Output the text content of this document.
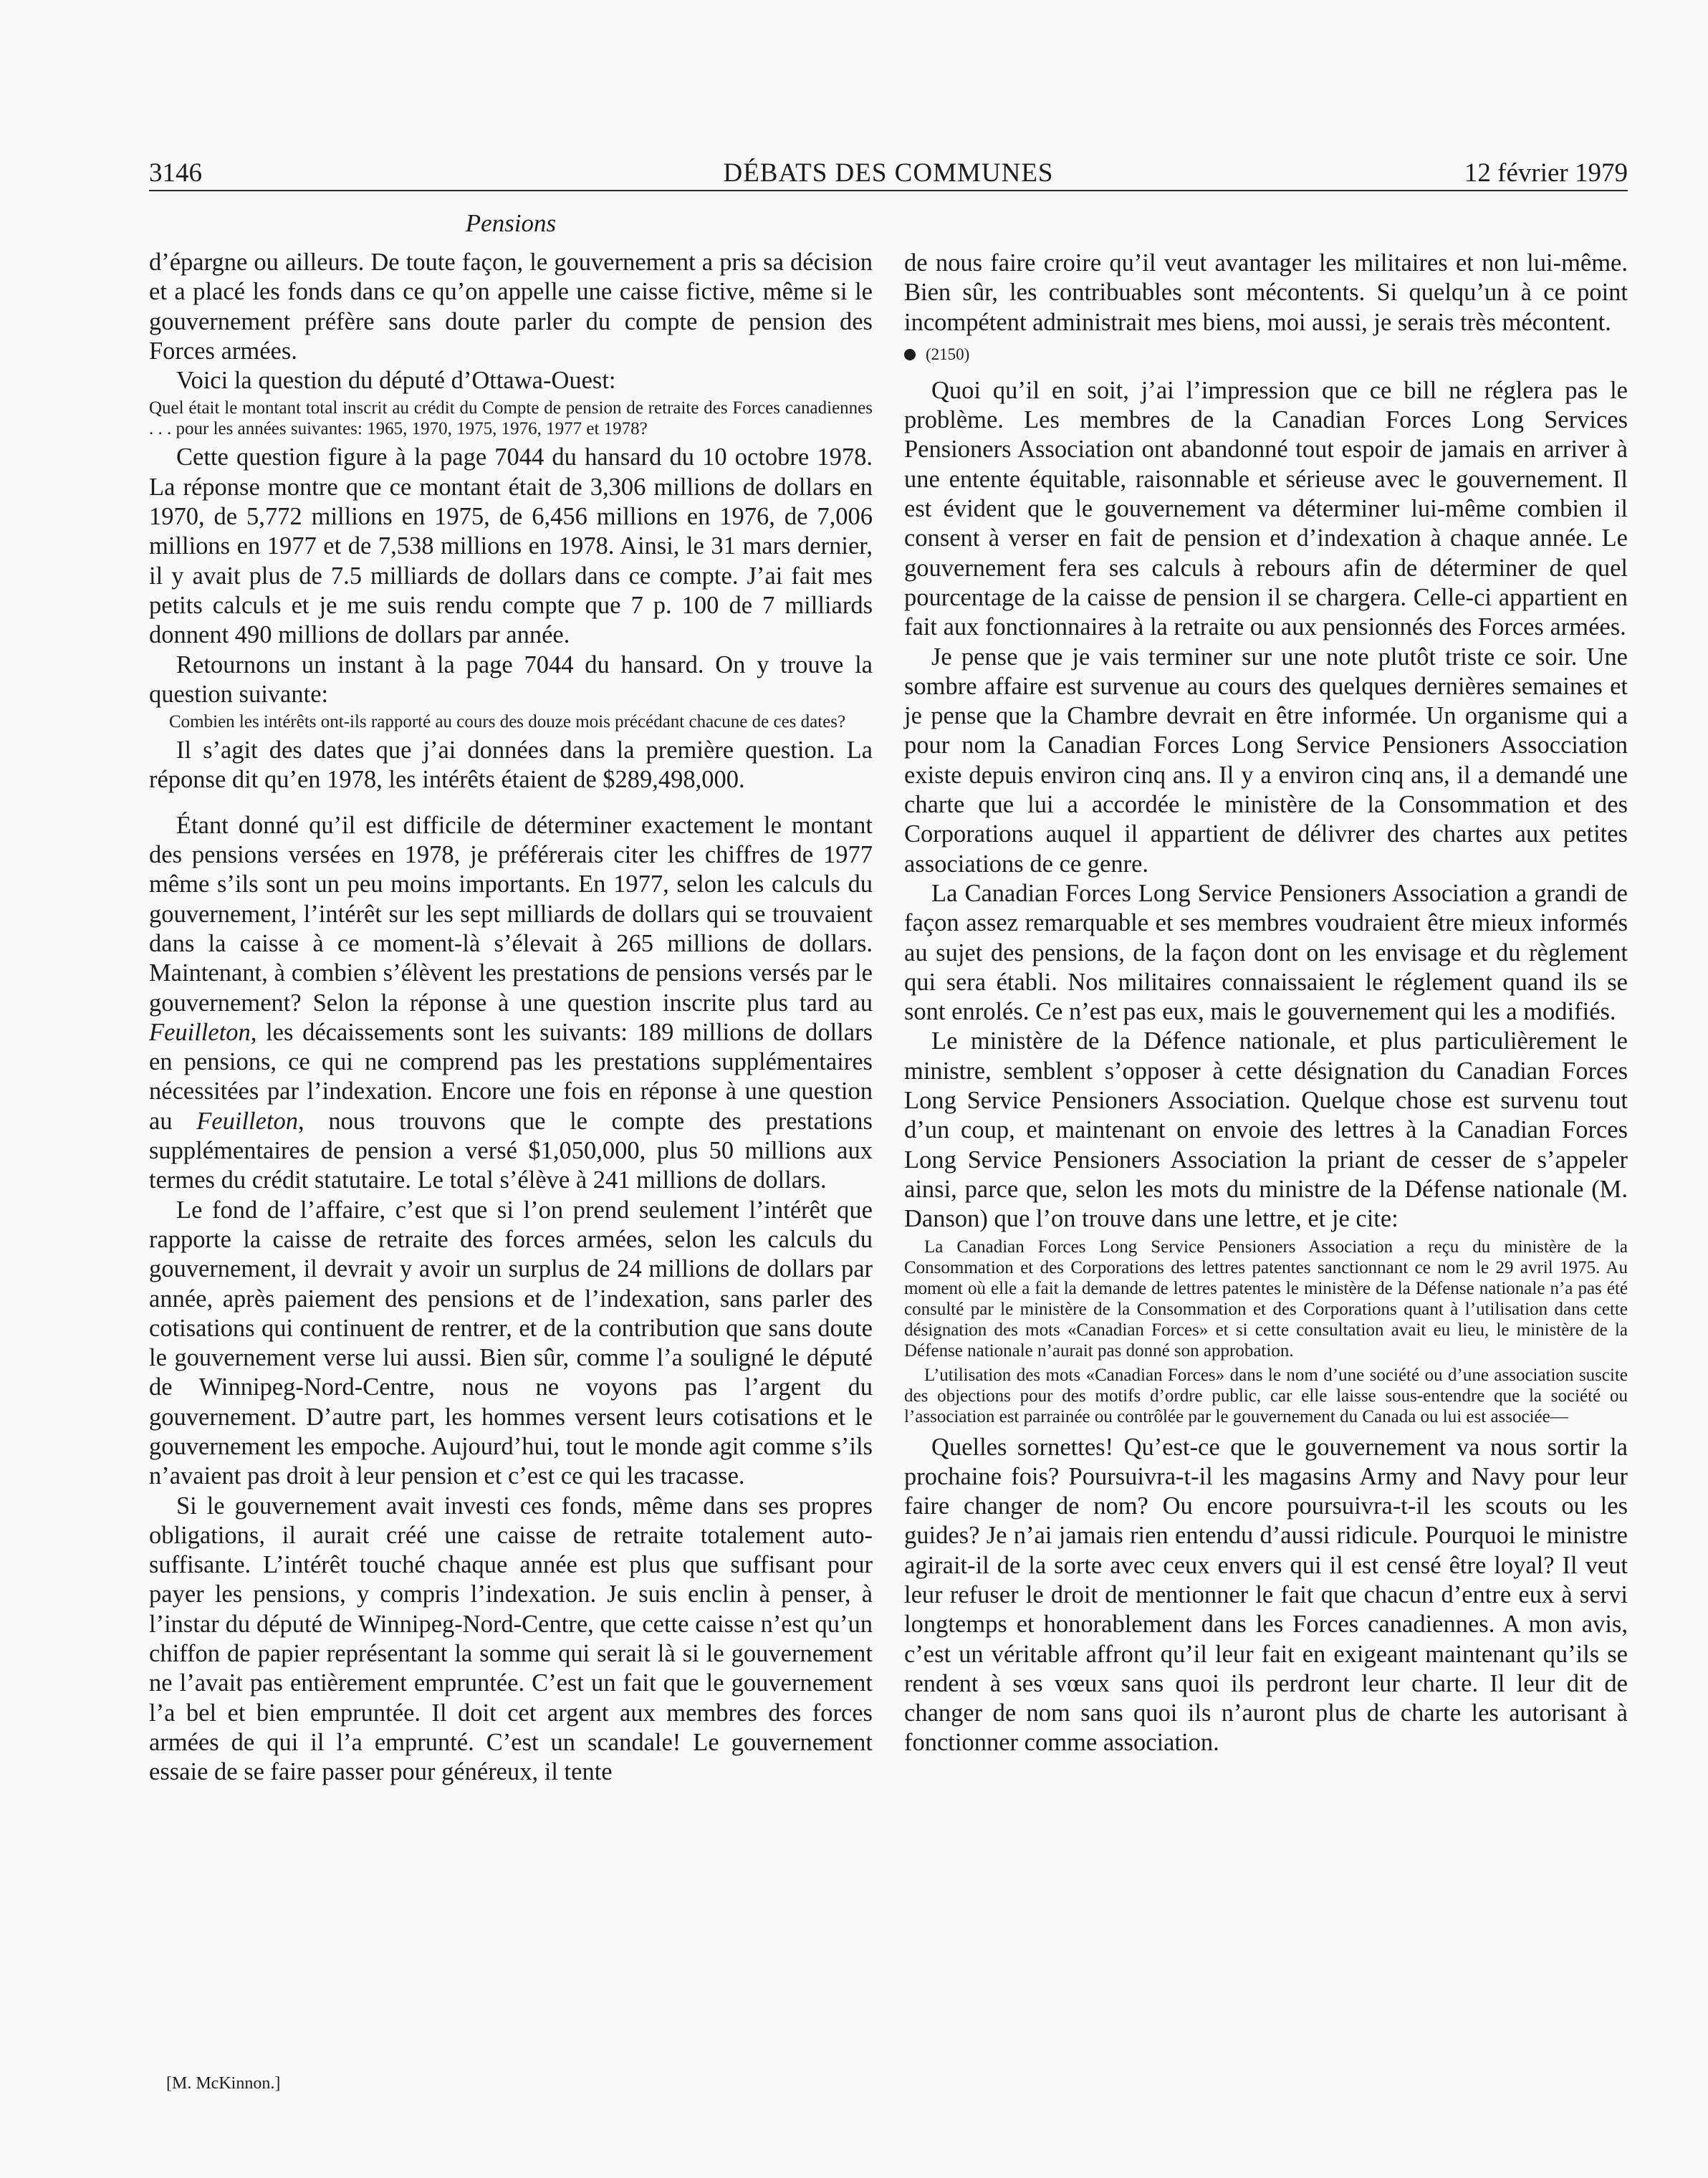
3146	DÉBATS DES COMMUNES	12 février 1979
Pensions

d’épargne ou ailleurs. De toute façon, le gouvernement a pris sa décision et a placé les fonds dans ce qu’on appelle une caisse fictive, même si le gouvernement préfère sans doute parler du compte de pension des Forces armées.

Voici la question du député d’Ottawa-Ouest:

Quel était le montant total inscrit au crédit du Compte de pension de retraite des Forces canadiennes . . . pour les années suivantes: 1965, 1970, 1975, 1976, 1977 et 1978?

Cette question figure à la page 7044 du hansard du 10 octobre 1978. La réponse montre que ce montant était de 3,306 millions de dollars en 1970, de 5,772 millions en 1975, de 6,456 millions en 1976, de 7,006 millions en 1977 et de 7,538 millions en 1978. Ainsi, le 31 mars dernier, il y avait plus de 7.5 milliards de dollars dans ce compte. J’ai fait mes petits calculs et je me suis rendu compte que 7 p. 100 de 7 milliards donnent 490 millions de dollars par année.

Retournons un instant à la page 7044 du hansard. On y trouve la question suivante:

Combien les intérêts ont-ils rapporté au cours des douze mois précédant chacune de ces dates?

Il s’agit des dates que j’ai données dans la première question. La réponse dit qu’en 1978, les intérêts étaient de $289,498,000.

Étant donné qu’il est difficile de déterminer exactement le montant des pensions versées en 1978, je préférerais citer les chiffres de 1977 même s’ils sont un peu moins importants. En 1977, selon les calculs du gouvernement, l’intérêt sur les sept milliards de dollars qui se trouvaient dans la caisse à ce moment-là s’élevait à 265 millions de dollars. Maintenant, à combien s’élèvent les prestations de pensions versés par le gouvernement? Selon la réponse à une question inscrite plus tard au Feuilleton, les décaissements sont les suivants: 189 millions de dollars en pensions, ce qui ne comprend pas les prestations supplémentaires nécessitées par l’indexation. Encore une fois en réponse à une question au Feuilleton, nous trouvons que le compte des prestations supplémentaires de pension a versé $1,050,000, plus 50 millions aux termes du crédit statutaire. Le total s’élève à 241 millions de dollars.

Le fond de l’affaire, c’est que si l’on prend seulement l’intérêt que rapporte la caisse de retraite des forces armées, selon les calculs du gouvernement, il devrait y avoir un surplus de 24 millions de dollars par année, après paiement des pensions et de l’indexation, sans parler des cotisations qui continuent de rentrer, et de la contribution que sans doute le gouvernement verse lui aussi. Bien sûr, comme l’a souligné le député de Winnipeg-Nord-Centre, nous ne voyons pas l’argent du gouvernement. D’autre part, les hommes versent leurs cotisations et le gouvernement les empoche. Aujourd’hui, tout le monde agit comme s’ils n’avaient pas droit à leur pension et c’est ce qui les tracasse.

Si le gouvernement avait investi ces fonds, même dans ses propres obligations, il aurait créé une caisse de retraite totalement auto-suffisante. L’intérêt touché chaque année est plus que suffisant pour payer les pensions, y compris l’indexation. Je suis enclin à penser, à l’instar du député de Winnipeg-Nord-Centre, que cette caisse n’est qu’un chiffon de papier représentant la somme qui serait là si le gouvernement ne l’avait pas entièrement empruntée. C’est un fait que le gouvernement l’a bel et bien empruntée. Il doit cet argent aux membres des forces armées de qui il l’a emprunté. C’est un scandale! Le gouvernement essaie de se faire passer pour généreux, il tente

[M. McKinnon.]

de nous faire croire qu’il veut avantager les militaires et non lui-même. Bien sûr, les contribuables sont mécontents. Si quelqu’un à ce point incompétent administrait mes biens, moi aussi, je serais très mécontent.

(2150)

Quoi qu’il en soit, j’ai l’impression que ce bill ne réglera pas le problème. Les membres de la Canadian Forces Long Services Pensioners Association ont abandonné tout espoir de jamais en arriver à une entente équitable, raisonnable et sérieuse avec le gouvernement. Il est évident que le gouvernement va déterminer lui-même combien il consent à verser en fait de pension et d’indexation à chaque année. Le gouvernement fera ses calculs à rebours afin de déterminer de quel pourcentage de la caisse de pension il se chargera. Celle-ci appartient en fait aux fonctionnaires à la retraite ou aux pensionnés des Forces armées.

Je pense que je vais terminer sur une note plutôt triste ce soir. Une sombre affaire est survenue au cours des quelques dernières semaines et je pense que la Chambre devrait en être informée. Un organisme qui a pour nom la Canadian Forces Long Service Pensioners Assocciation existe depuis environ cinq ans. Il y a environ cinq ans, il a demandé une charte que lui a accordée le ministère de la Consommation et des Corporations auquel il appartient de délivrer des chartes aux petites associations de ce genre.

La Canadian Forces Long Service Pensioners Association a grandi de façon assez remarquable et ses membres voudraient être mieux informés au sujet des pensions, de la façon dont on les envisage et du règlement qui sera établi. Nos militaires connaissaient le réglement quand ils se sont enrolés. Ce n’est pas eux, mais le gouvernement qui les a modifiés.

Le ministère de la Défence nationale, et plus particulièrement le ministre, semblent s’opposer à cette désignation du Canadian Forces Long Service Pensioners Association. Quelque chose est survenu tout d’un coup, et maintenant on envoie des lettres à la Canadian Forces Long Service Pensioners Association la priant de cesser de s’appeler ainsi, parce que, selon les mots du ministre de la Défense nationale (M. Danson) que l’on trouve dans une lettre, et je cite:

La Canadian Forces Long Service Pensioners Association a reçu du ministère de la Consommation et des Corporations des lettres patentes sanctionnant ce nom le 29 avril 1975. Au moment où elle a fait la demande de lettres patentes le ministère de la Défense nationale n’a pas été consulté par le ministère de la Consommation et des Corporations quant à l’utilisation dans cette désignation des mots «Canadian Forces» et si cette consultation avait eu lieu, le ministère de la Défense nationale n’aurait pas donné son approbation.
L’utilisation des mots «Canadian Forces» dans le nom d’une société ou d’une association suscite des objections pour des motifs d’ordre public, car elle laisse sous-entendre que la société ou l’association est parrainée ou contrôlée par le gouvernement du Canada ou lui est associée—

Quelles sornettes! Qu’est-ce que le gouvernement va nous sortir la prochaine fois? Poursuivra-t-il les magasins Army and Navy pour leur faire changer de nom? Ou encore poursuivra-t-il les scouts ou les guides? Je n’ai jamais rien entendu d’aussi ridicule. Pourquoi le ministre agirait-il de la sorte avec ceux envers qui il est censé être loyal? Il veut leur refuser le droit de mentionner le fait que chacun d’entre eux à servi longtemps et honorablement dans les Forces canadiennes. A mon avis, c’est un véritable affront qu’il leur fait en exigeant maintenant qu’ils se rendent à ses vœux sans quoi ils perdront leur charte. Il leur dit de changer de nom sans quoi ils n’auront plus de charte les autorisant à fonctionner comme association.
